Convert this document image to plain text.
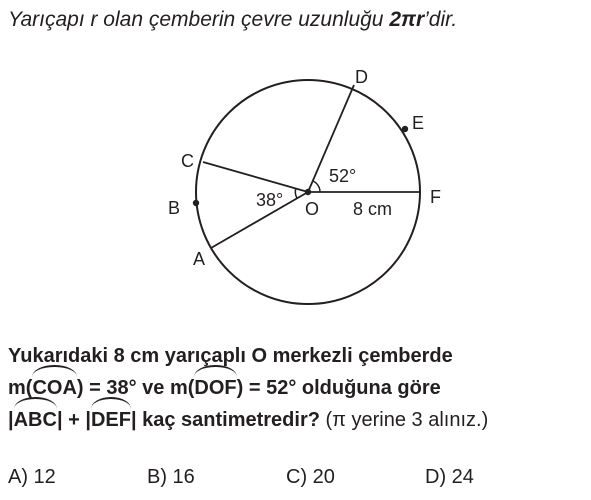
Yarıçapı r olan çemberin çevre uzunluğu 2πr’dir.
D
E
C
F
B	O
A
52°
38°	8 cm
Yukarıdaki 8 cm yarıçaplı O merkezli çemberde
m(COA) = 38° ve m(DOF) = 52° olduğuna göre
|ABC| + |DEF| kaç santimetredir? (π yerine 3 alınız.)
A) 12	B) 16	C) 20	D) 24
